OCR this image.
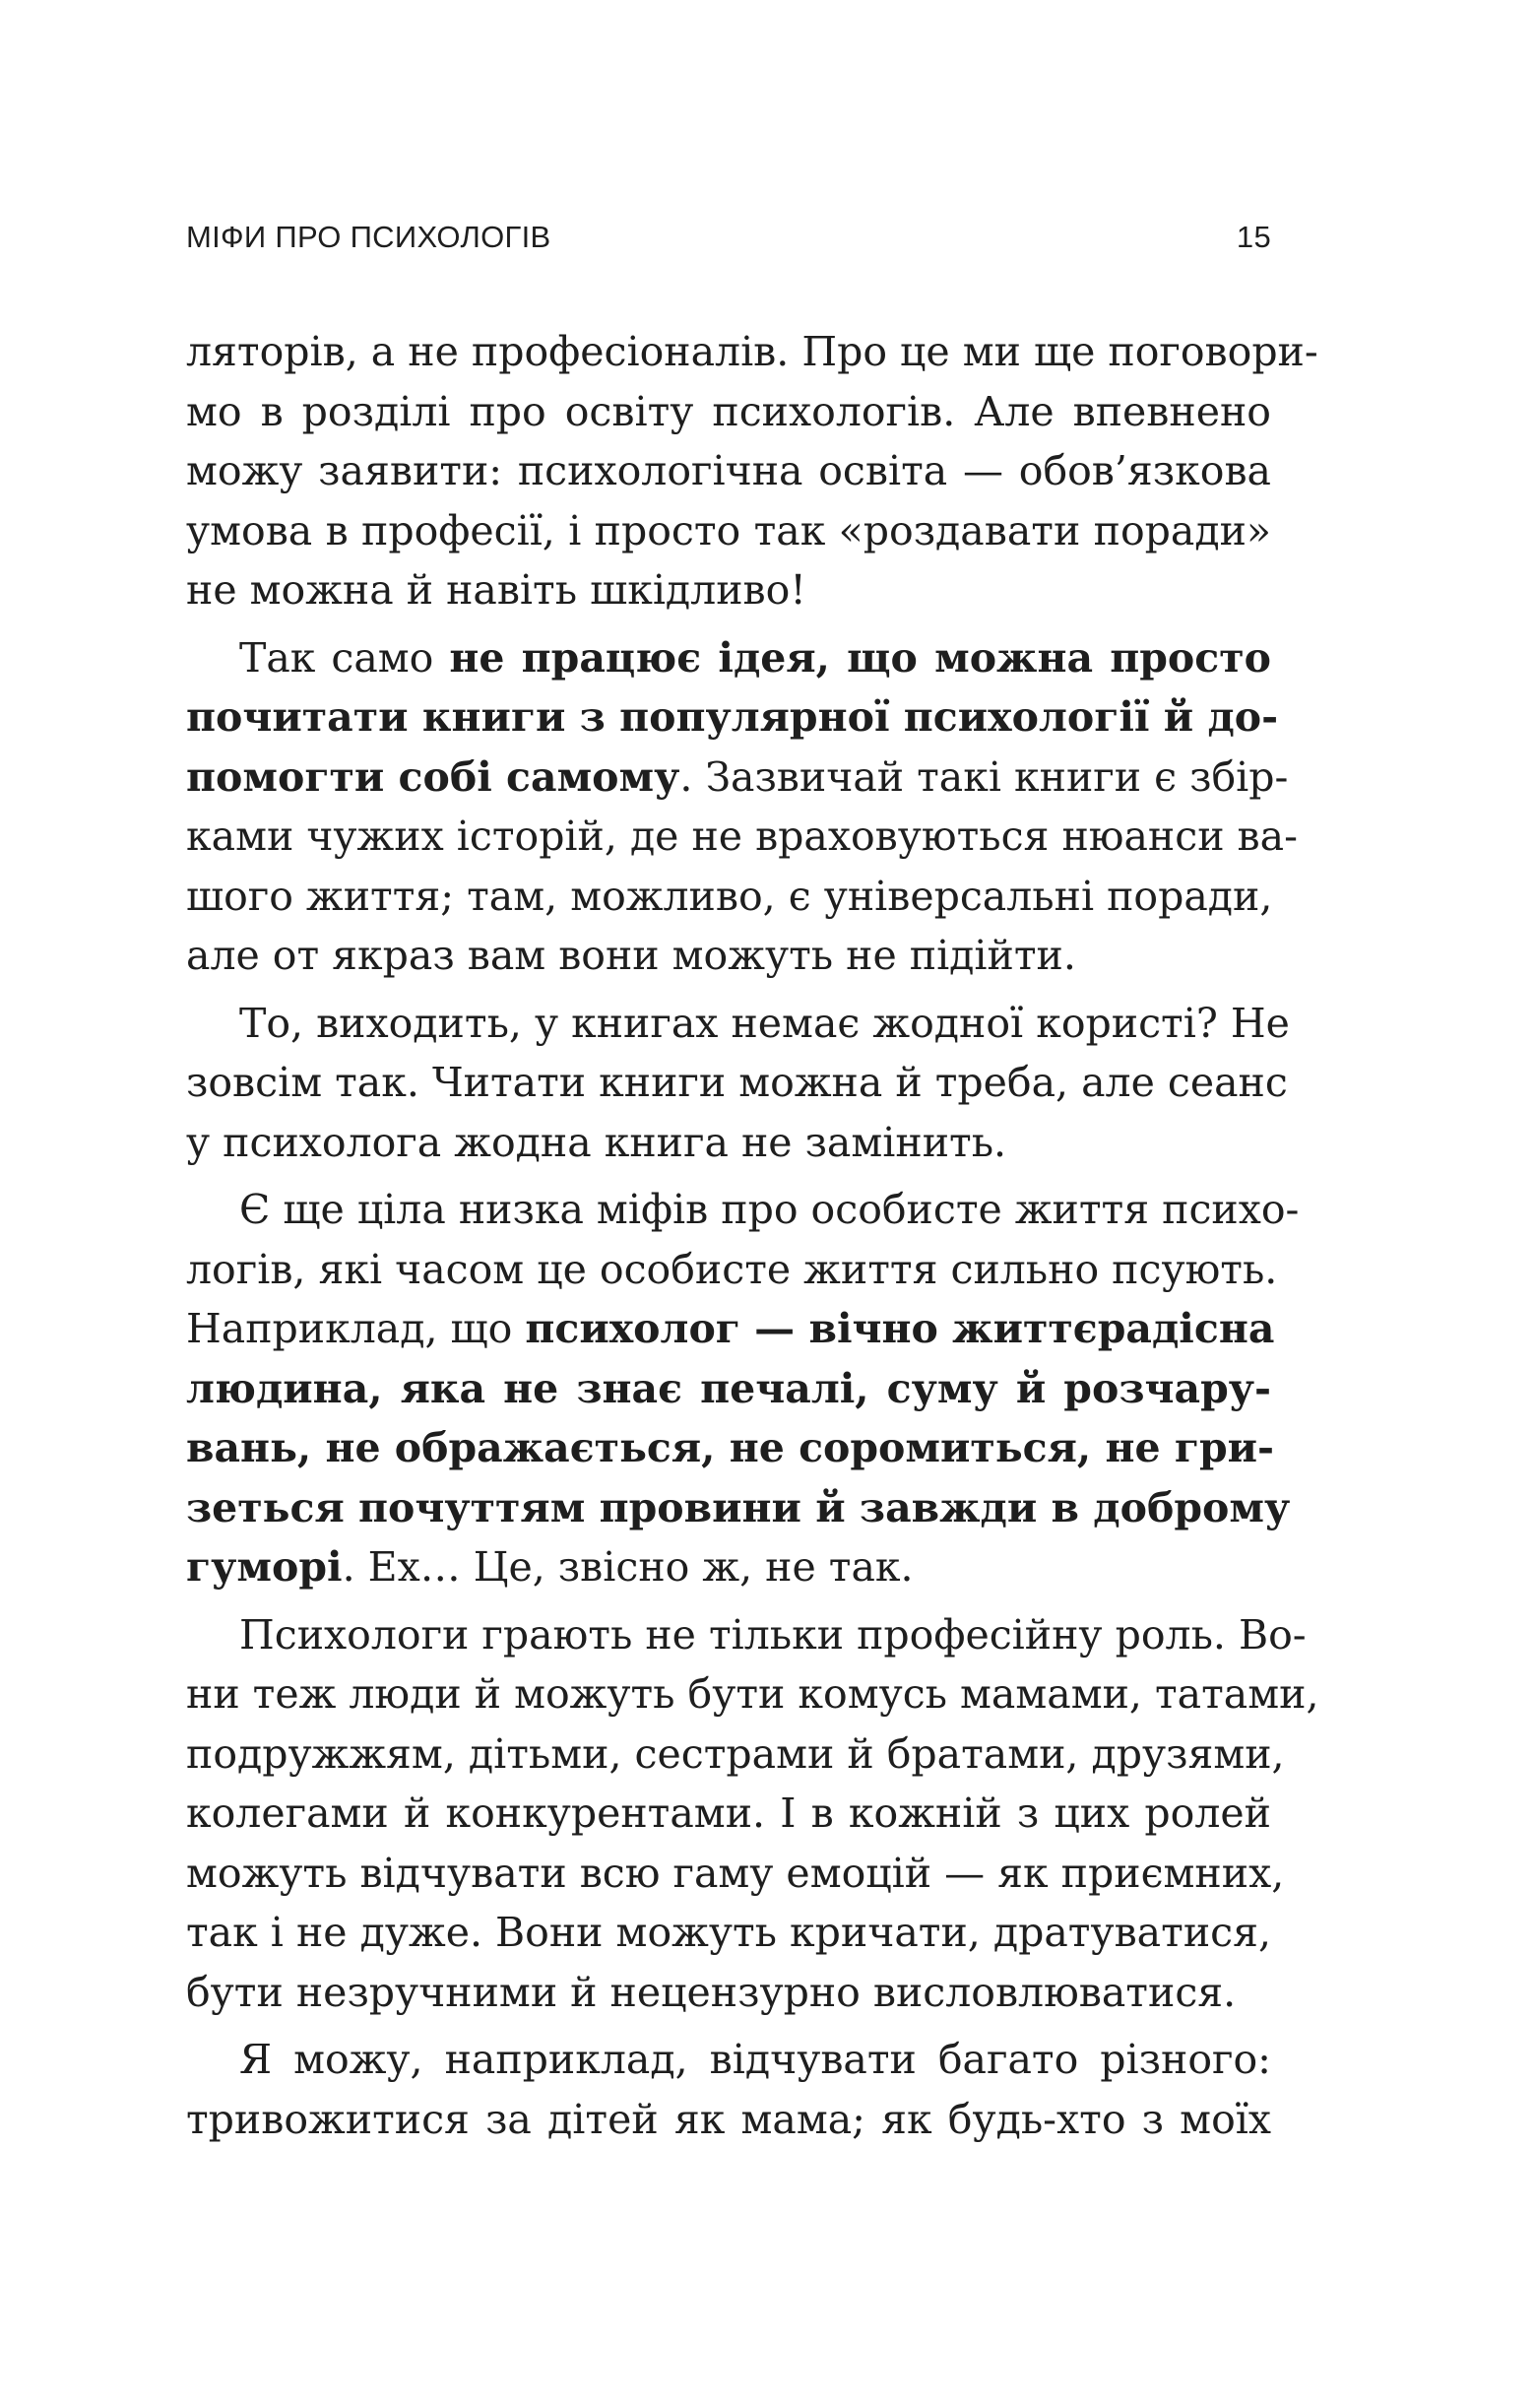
МІФИ ПРО ПСИХОЛОГІВ	15
ляторів, а не професіоналів. Про це ми ще поговори-
мо в розділі про освіту психологів. Але впевнено
можу заявити: психологічна освіта — обов’язкова
умова в професії, і просто так «роздавати поради»
не можна й навіть шкідливо!
Так само не працює ідея, що можна просто
почитати книги з популярної психології й до-
помогти собі самому. Зазвичай такі книги є збір-
ками чужих історій, де не враховуються нюанси ва-
шого життя; там, можливо, є універсальні поради,
але от якраз вам вони можуть не підійти.
То, виходить, у книгах немає жодної користі? Не
зовсім так. Читати книги можна й треба, але сеанс
у психолога жодна книга не замінить.
Є ще ціла низка міфів про особисте життя психо-
логів, які часом це особисте життя сильно псують.
Наприклад, що психолог — вічно життєрадісна
людина, яка не знає печалі, суму й розчару-
вань, не ображається, не соромиться, не гри-
зеться почуттям провини й завжди в доброму
гуморі. Ех… Це, звісно ж, не так.
Психологи грають не тільки професійну роль. Во-
ни теж люди й можуть бути комусь мамами, татами,
подружжям, дітьми, сестрами й братами, друзями,
колегами й конкурентами. І в кожній з цих ролей
можуть відчувати всю гаму емоцій — як приємних,
так і не дуже. Вони можуть кричати, дратуватися,
бути незручними й нецензурно висловлюватися.
Я можу, наприклад, відчувати багато різного:
тривожитися за дітей як мама; як будь-хто з моїх
